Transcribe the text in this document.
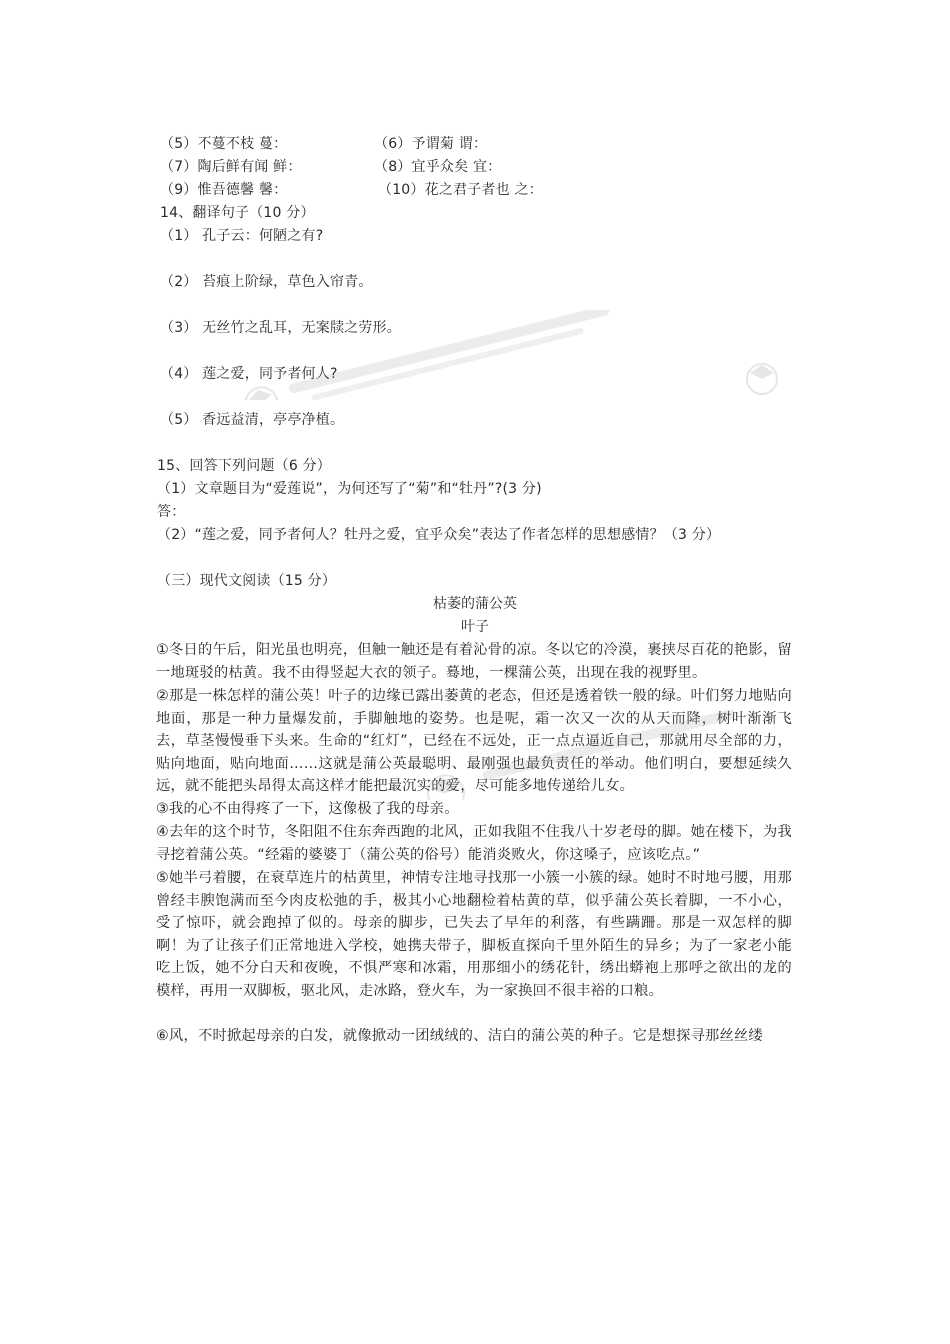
（5）不蔓不枝 蔓：	（6）予谓菊 谓：
（7）陶后鲜有闻 鲜：	（8）宜乎众矣 宜：
（9）惟吾德馨 馨：	（10）花之君子者也 之：
14、翻译句子（10 分）
（1） 孔子云：何陋之有?
（2） 苔痕上阶绿，草色入帘青。
（3） 无丝竹之乱耳，无案牍之劳形。
（4） 莲之爱，同予者何人?
（5） 香远益清，亭亭净植。
15、回答下列问题（6 分）
（1）文章题目为“爱莲说”，为何还写了“菊”和“牡丹”?(3 分)
答：
（2）“莲之爱，同予者何人？牡丹之爱，宜乎众矣”表达了作者怎样的思想感情？（3 分）
（三）现代文阅读（15 分）
枯萎的蒲公英
叶子
①冬日的午后，阳光虽也明亮，但触一触还是有着沁骨的凉。冬以它的冷漠，裹挟尽百花的艳影，留一地斑驳的枯黄。我不由得竖起大衣的领子。蓦地，一棵蒲公英，出现在我的视野里。
②那是一株怎样的蒲公英！叶子的边缘已露出萎黄的老态，但还是透着铁一般的绿。叶们努力地贴向地面，那是一种力量爆发前，手脚触地的姿势。也是呢，霜一次又一次的从天而降，树叶渐渐飞去，草茎慢慢垂下头来。生命的“红灯”，已经在不远处，正一点点逼近自己，那就用尽全部的力，贴向地面，贴向地面……这就是蒲公英最聪明、最刚强也最负责任的举动。他们明白，要想延续久远，就不能把头昂得太高这样才能把最沉实的爱，尽可能多地传递给儿女。
③我的心不由得疼了一下，这像极了我的母亲。
④去年的这个时节，冬阳阻不住东奔西跑的北风，正如我阻不住我八十岁老母的脚。她在楼下，为我寻挖着蒲公英。“经霜的婆婆丁（蒲公英的俗号）能消炎败火，你这嗓子，应该吃点。”
⑤她半弓着腰，在衰草连片的枯黄里，神情专注地寻找那一小簇一小簇的绿。她时不时地弓腰，用那曾经丰腴饱满而至今肉皮松弛的手，极其小心地翻检着枯黄的草，似乎蒲公英长着脚，一不小心，受了惊吓，就会跑掉了似的。母亲的脚步，已失去了早年的利落，有些蹒跚。那是一双怎样的脚啊！为了让孩子们正常地进入学校，她携夫带子，脚板直探向千里外陌生的异乡；为了一家老小能吃上饭，她不分白天和夜晚，不惧严寒和冰霜，用那细小的绣花针，绣出蟒袍上那呼之欲出的龙的模样，再用一双脚板，驱北风，走冰路，登火车，为一家换回不很丰裕的口粮。
⑥风，不时掀起母亲的白发，就像掀动一团绒绒的、洁白的蒲公英的种子。它是想探寻那丝丝缕
